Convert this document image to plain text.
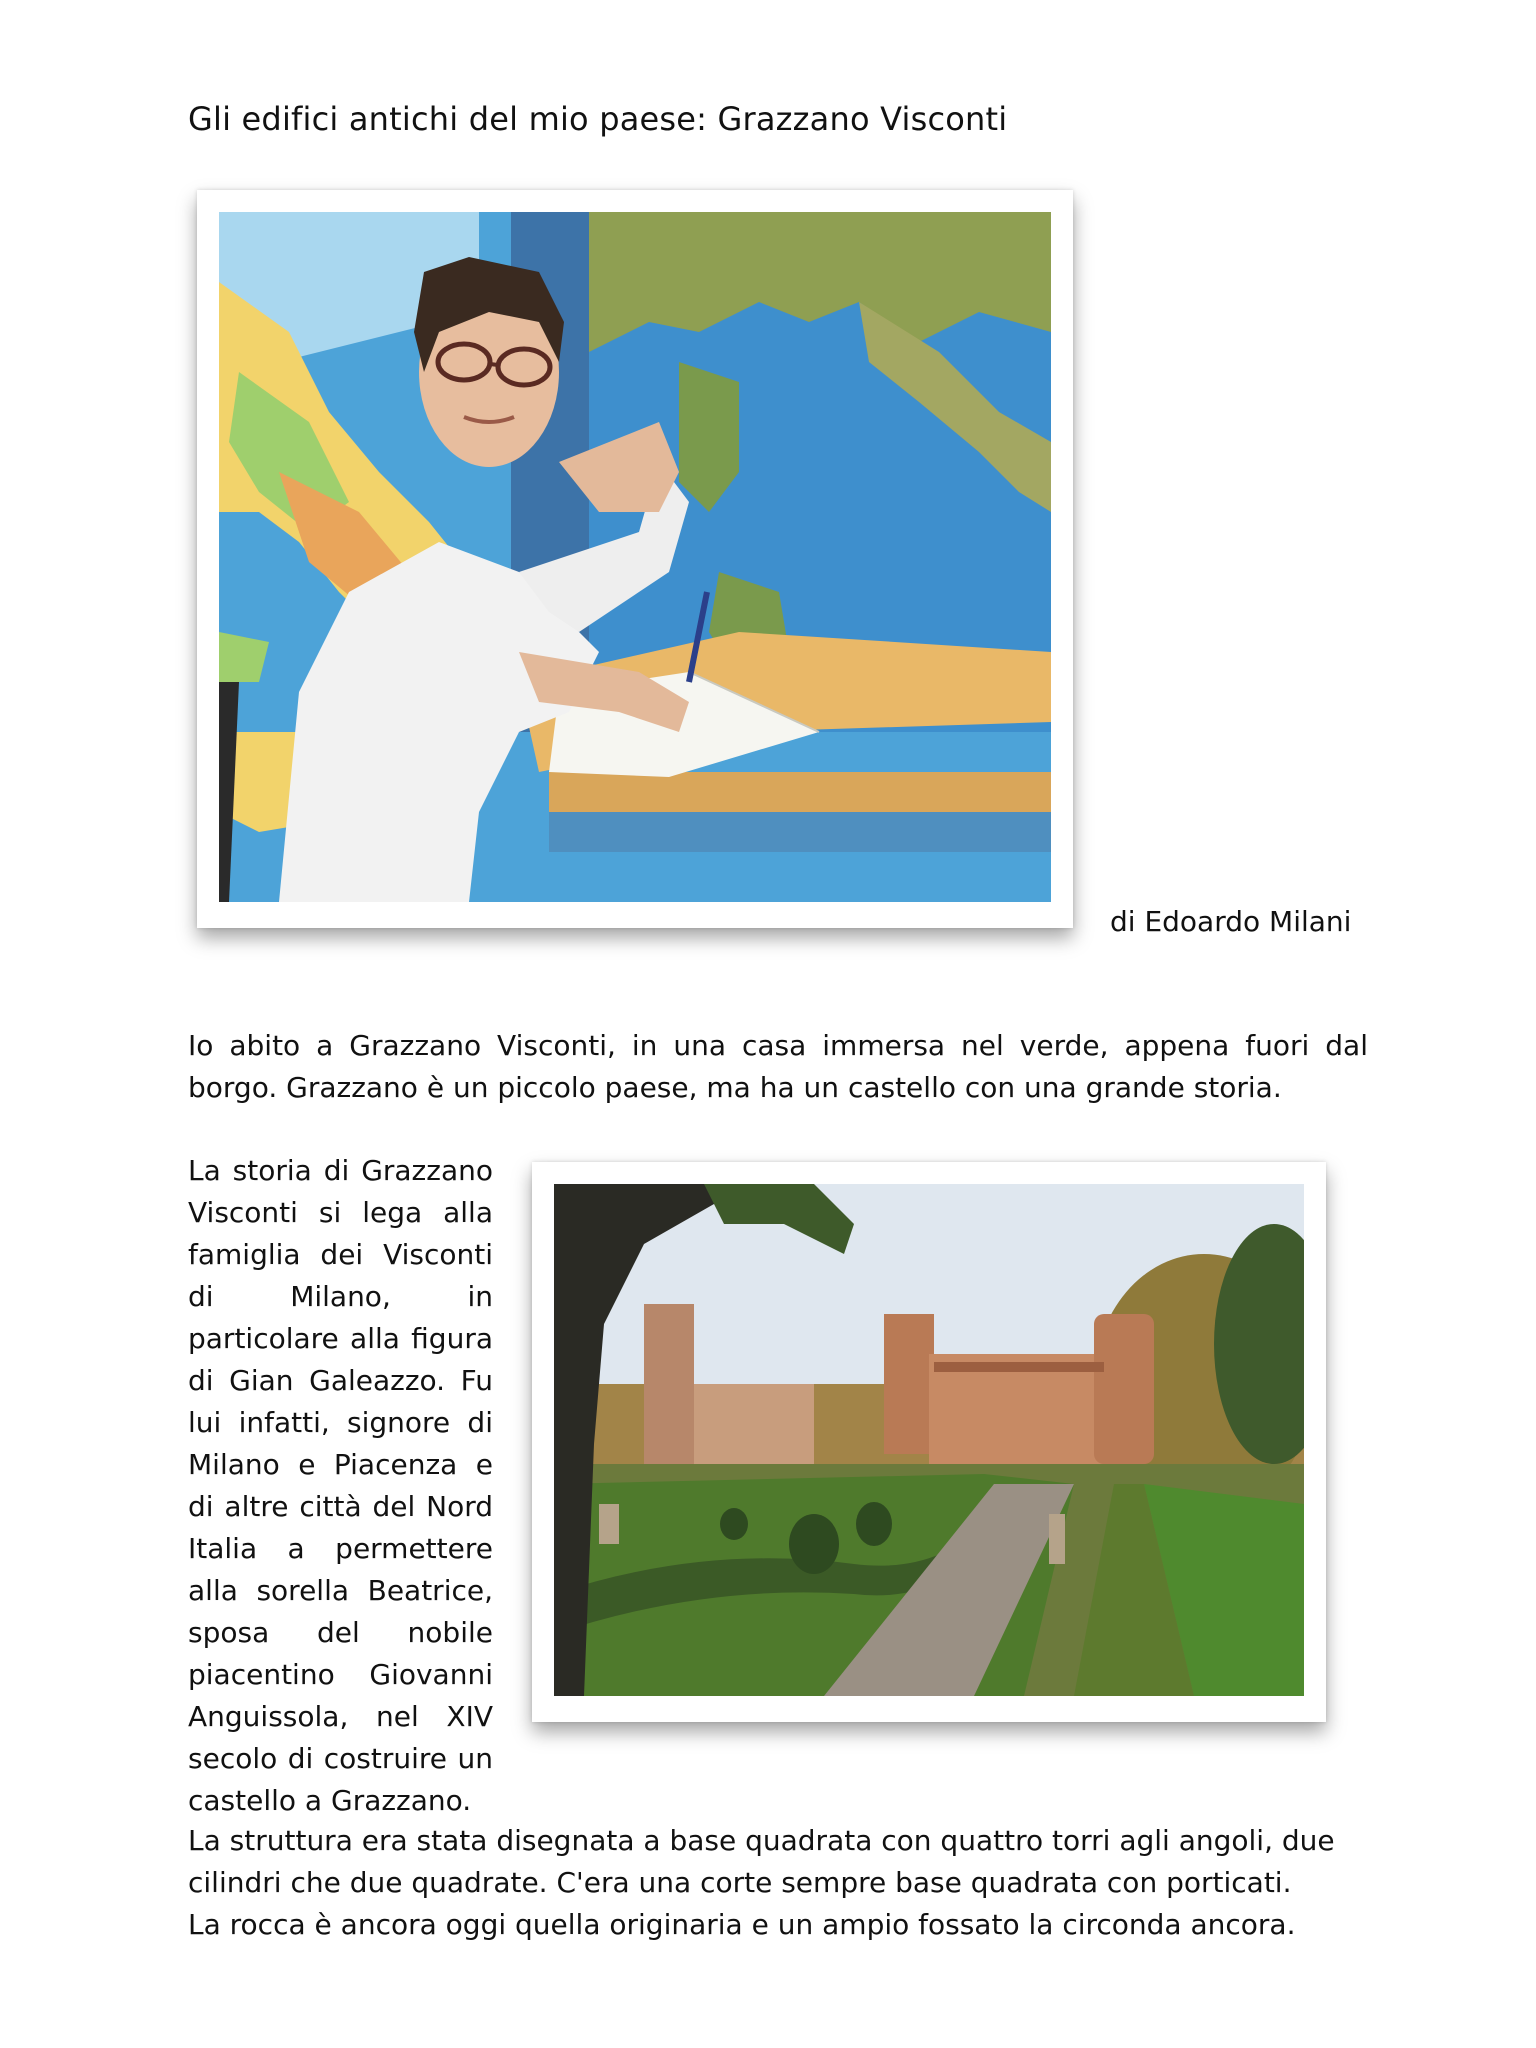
Gli edifici antichi del mio paese: Grazzano Visconti
di Edoardo Milani

Io abito a Grazzano Visconti, in una casa immersa nel verde, appena fuori dal borgo. Grazzano è un piccolo paese, ma ha un castello con una grande storia.

La storia di Grazzano Visconti si lega alla famiglia dei Visconti di Milano, in particolare alla figura di Gian Galeazzo. Fu lui infatti, signore di Milano e Piacenza e di altre città del Nord Italia a permettere alla sorella Beatrice, sposa del nobile piacentino Giovanni Anguissola, nel XIV secolo di costruire un castello a Grazzano.

La struttura era stata disegnata a base quadrata con quattro torri agli angoli, due
cilindri che due quadrate. C'era una corte sempre base quadrata con porticati.
La rocca è ancora oggi quella originaria e un ampio fossato la circonda ancora.
